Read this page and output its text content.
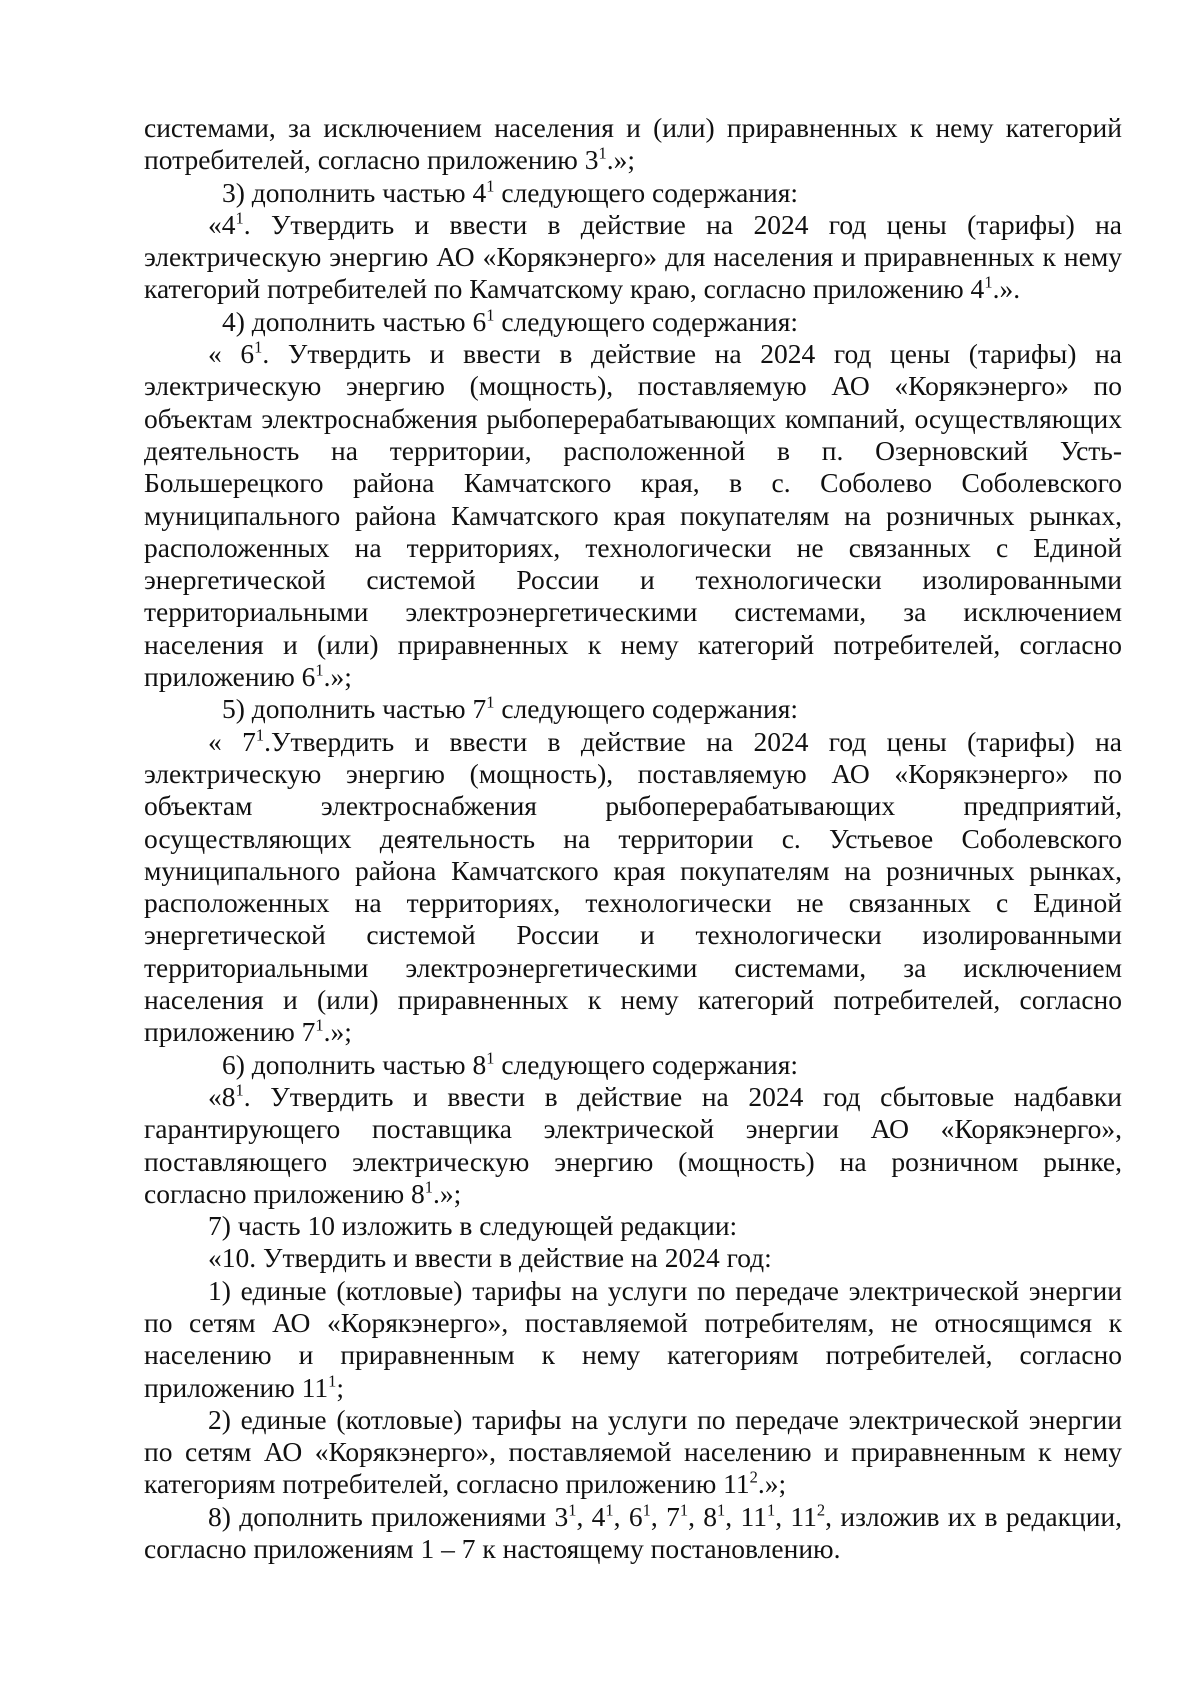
системами, за исключением населения и (или) приравненных к нему категорий потребителей, согласно приложению $3^1$.»;

3) дополнить частью $4^1$ следующего содержания:

«$4^1$. Утвердить и ввести в действие на 2024 год цены (тарифы) на электрическую энергию АО «Корякэнерго» для населения и приравненных к нему категорий потребителей по Камчатскому краю, согласно приложению $4^1$.».

4) дополнить частью $6^1$ следующего содержания:

« $6^1$. Утвердить и ввести в действие на 2024 год цены (тарифы) на электрическую энергию (мощность), поставляемую АО «Корякэнерго» по объектам электроснабжения рыбоперерабатывающих компаний, осуществляющих деятельность на территории, расположенной в п. Озерновский Усть-Большерецкого района Камчатского края, в с. Соболево Соболевского муниципального района Камчатского края покупателям на розничных рынках, расположенных на территориях, технологически не связанных с Единой энергетической системой России и технологически изолированными территориальными электроэнергетическими системами, за исключением населения и (или) приравненных к нему категорий потребителей, согласно приложению $6^1$.»;

5) дополнить частью $7^1$ следующего содержания:

« $7^1.Утвердить$ и ввести в действие на 2024 год цены (тарифы) на электрическую энергию (мощность), поставляемую АО «Корякэнерго» по объектам электроснабжения рыбоперерабатывающих предприятий, осуществляющих деятельность на территории с. Устьевое Соболевского муниципального района Камчатского края покупателям на розничных рынках, расположенных на территориях, технологически не связанных с Единой энергетической системой России и технологически изолированными территориальными электроэнергетическими системами, за исключением населения и (или) приравненных к нему категорий потребителей, согласно приложению $7^1$.»;

6) дополнить частью $8^1$ следующего содержания:

«$8^1$. Утвердить и ввести в действие на 2024 год сбытовые надбавки гарантирующего поставщика электрической энергии АО «Корякэнерго», поставляющего электрическую энергию (мощность) на розничном рынке, согласно приложению $8^1$.»;

7) часть 10 изложить в следующей редакции:

«10. Утвердить и ввести в действие на 2024 год:

1) единые (котловые) тарифы на услуги по передаче электрической энергии по сетям АО «Корякэнерго», поставляемой потребителям, не относящимся к населению и приравненным к нему категориям потребителей, согласно приложению $11^1$;

2) единые (котловые) тарифы на услуги по передаче электрической энергии по сетям АО «Корякэнерго», поставляемой населению и приравненным к нему категориям потребителей, согласно приложению $11^2$.»;

8) дополнить приложениями $3^1$, $4^1$, $6^1$, $7^1$, $8^1$, $11^1$, $11^2$, изложив их в редакции, согласно приложениям 1 – 7 к настоящему постановлению.
